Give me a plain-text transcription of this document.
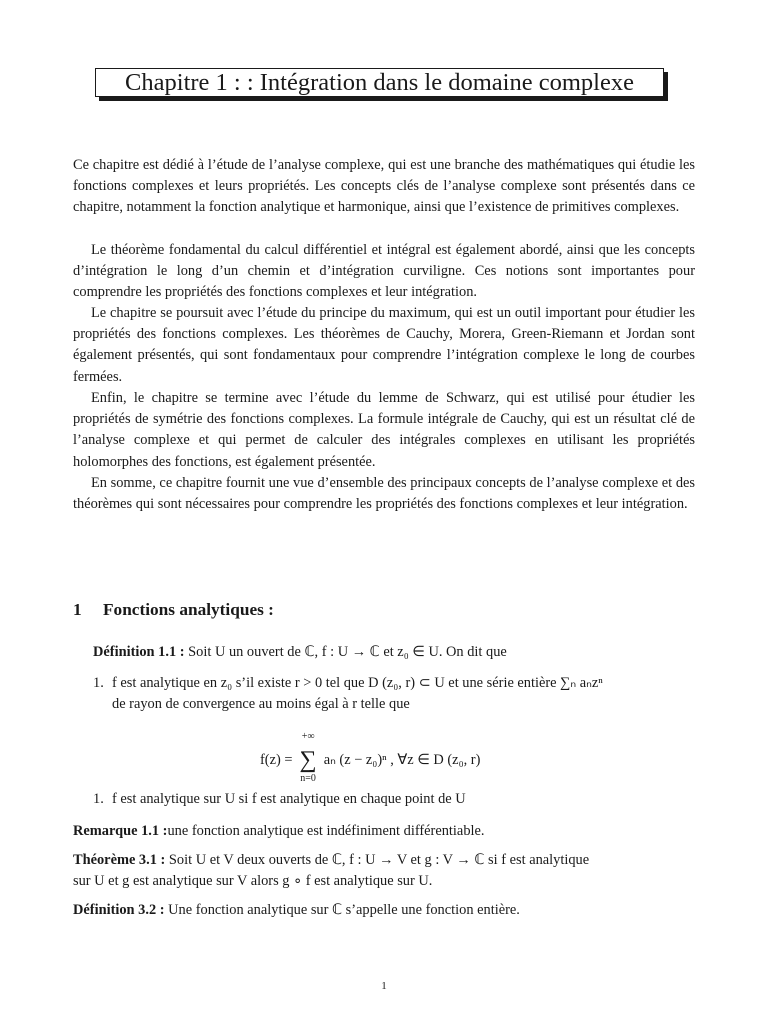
Chapitre 1 : : Intégration dans le domaine complexe
Ce chapitre est dédié à l’étude de l’analyse complexe, qui est une branche des mathématiques qui étudie les fonctions complexes et leurs propriétés. Les concepts clés de l’analyse complexe sont présentés dans ce chapitre, notamment la fonction analytique et harmonique, ainsi que l’existence de primitives complexes.
Le théorème fondamental du calcul différentiel et intégral est également abordé, ainsi que les concepts d’intégration le long d’un chemin et d’intégration curviligne. Ces notions sont importantes pour comprendre les propriétés des fonctions complexes et leur intégration.
Le chapitre se poursuit avec l’étude du principe du maximum, qui est un outil important pour étudier les propriétés des fonctions complexes. Les théorèmes de Cauchy, Morera, Green-Riemann et Jordan sont également présentés, qui sont fondamentaux pour comprendre l’intégration complexe le long de courbes fermées.
Enfin, le chapitre se termine avec l’étude du lemme de Schwarz, qui est utilisé pour étudier les propriétés de symétrie des fonctions complexes. La formule intégrale de Cauchy, qui est un résultat clé de l’analyse complexe et qui permet de calculer des intégrales complexes en utilisant les propriétés holomorphes des fonctions, est également présentée.
En somme, ce chapitre fournit une vue d’ensemble des principaux concepts de l’analyse complexe et des théorèmes qui sont nécessaires pour comprendre les propriétés des fonctions complexes et leur intégration.
1 Fonctions analytiques :
Définition 1.1 : Soit U un ouvert de ℂ, f : U → ℂ et z₀ ∈ U. On dit que
1. f est analytique en z₀ s’il existe r > 0 tel que D (z₀, r) ⊂ U et une série entière ∑ₙ aₙzⁿ
de rayon de convergence au moins égal à r telle que
f(z) =
+∞
∑
n=0
aₙ (z − z₀)ⁿ , ∀z ∈ D (z₀, r)
1. f est analytique sur U si f est analytique en chaque point de U
Remarque 1.1 :une fonction analytique est indéfiniment différentiable.
Théorème 3.1 : Soit U et V deux ouverts de ℂ, f : U → V et g : V → ℂ si f est analytique
sur U et g est analytique sur V alors g ∘ f est analytique sur U.
Définition 3.2 : Une fonction analytique sur ℂ s’appelle une fonction entière.
1
